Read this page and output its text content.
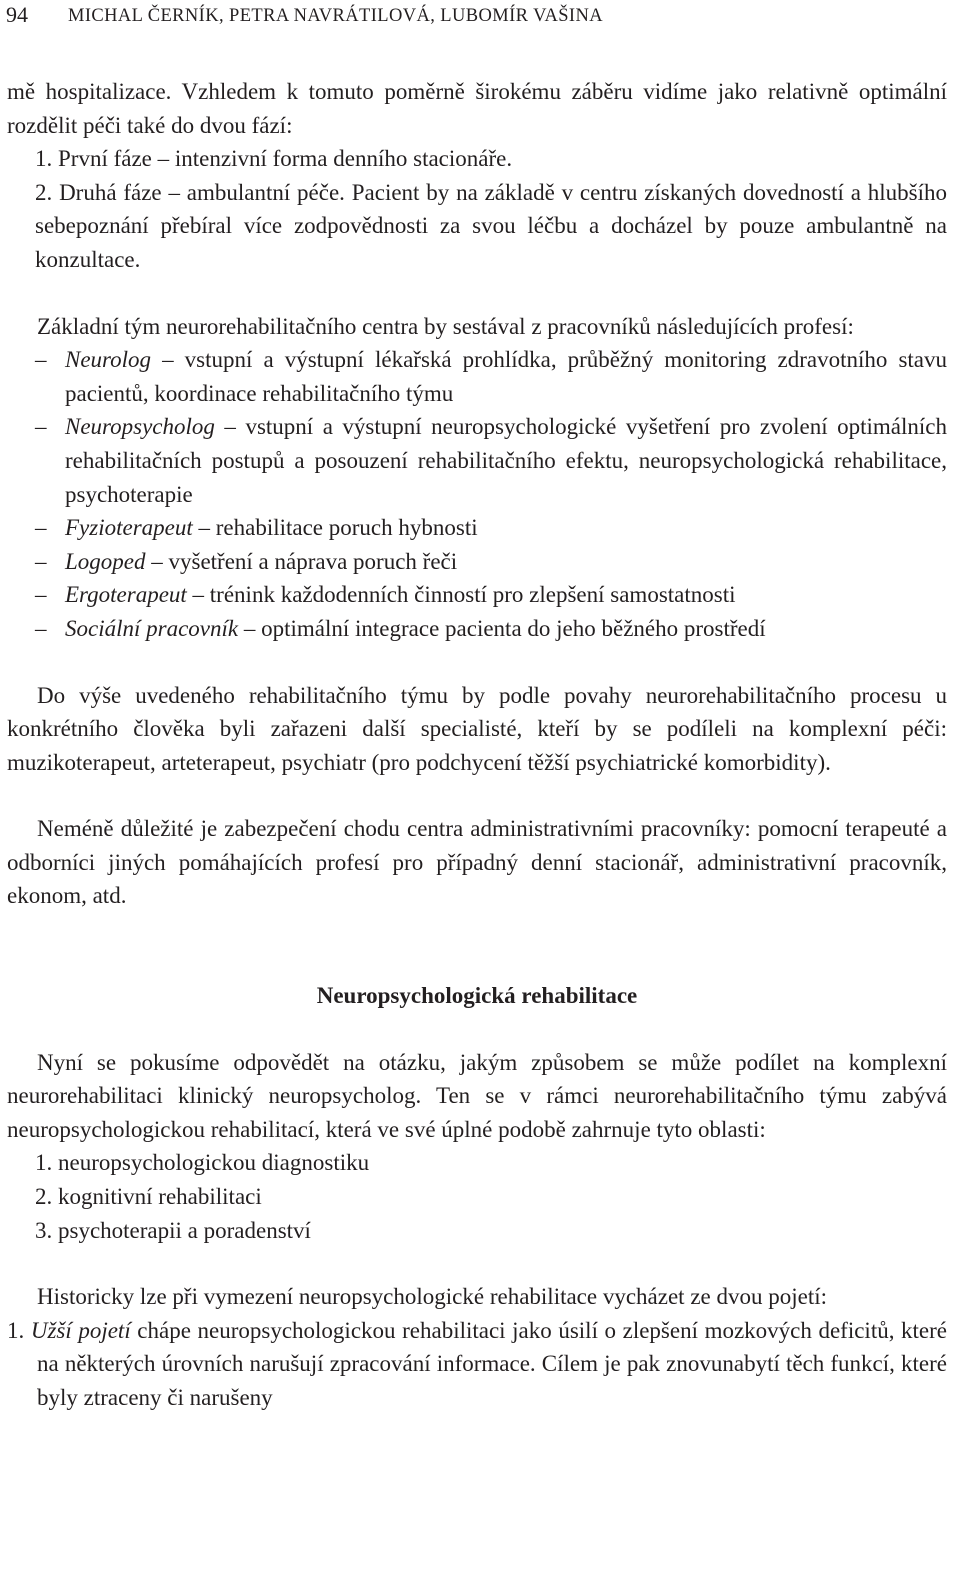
94 MICHAL ČERNÍK, PETRA NAVRÁTILOVÁ, LUBOMÍR VAŠINA

mě hospitalizace. Vzhledem k tomuto poměrně širokému záběru vidíme jako relativně optimální rozdělit péči také do dvou fází:

1. První fáze – intenzivní forma denního stacionáře.
2. Druhá fáze – ambulantní péče. Pacient by na základě v centru získaných dovedností a hlubšího sebepoznání přebíral více zodpovědnosti za svou léčbu a docházel by pouze ambulantně na konzultace.

Základní tým neurorehabilitačního centra by sestával z pracovníků následujících profesí:

– Neurolog – vstupní a výstupní lékařská prohlídka, průběžný monitoring zdravotního stavu pacientů, koordinace rehabilitačního týmu
– Neuropsycholog – vstupní a výstupní neuropsychologické vyšetření pro zvolení optimálních rehabilitačních postupů a posouzení rehabilitačního efektu, neuropsychologická rehabilitace, psychoterapie
– Fyzioterapeut – rehabilitace poruch hybnosti
– Logoped – vyšetření a náprava poruch řeči
– Ergoterapeut – trénink každodenních činností pro zlepšení samostatnosti
– Sociální pracovník – optimální integrace pacienta do jeho běžného prostředí

Do výše uvedeného rehabilitačního týmu by podle povahy neurorehabilitačního procesu u konkrétního člověka byli zařazeni další specialisté, kteří by se podíleli na komplexní péči: muzikoterapeut, arteterapeut, psychiatr (pro podchycení těžší psychiatrické komorbidity).

Neméně důležité je zabezpečení chodu centra administrativními pracovníky: pomocní terapeuté a odborníci jiných pomáhajících profesí pro případný denní stacionář, administrativní pracovník, ekonom, atd.

Neuropsychologická rehabilitace

Nyní se pokusíme odpovědět na otázku, jakým způsobem se může podílet na komplexní neurorehabilitaci klinický neuropsycholog. Ten se v rámci neurorehabilitačního týmu zabývá neuropsychologickou rehabilitací, která ve své úplné podobě zahrnuje tyto oblasti:

1. neuropsychologickou diagnostiku
2. kognitivní rehabilitaci
3. psychoterapii a poradenství

Historicky lze při vymezení neuropsychologické rehabilitace vycházet ze dvou pojetí:

1. Užší pojetí chápe neuropsychologickou rehabilitaci jako úsilí o zlepšení mozkových deficitů, které na některých úrovních narušují zpracování informace. Cílem je pak znovunabytí těch funkcí, které byly ztraceny či narušeny
